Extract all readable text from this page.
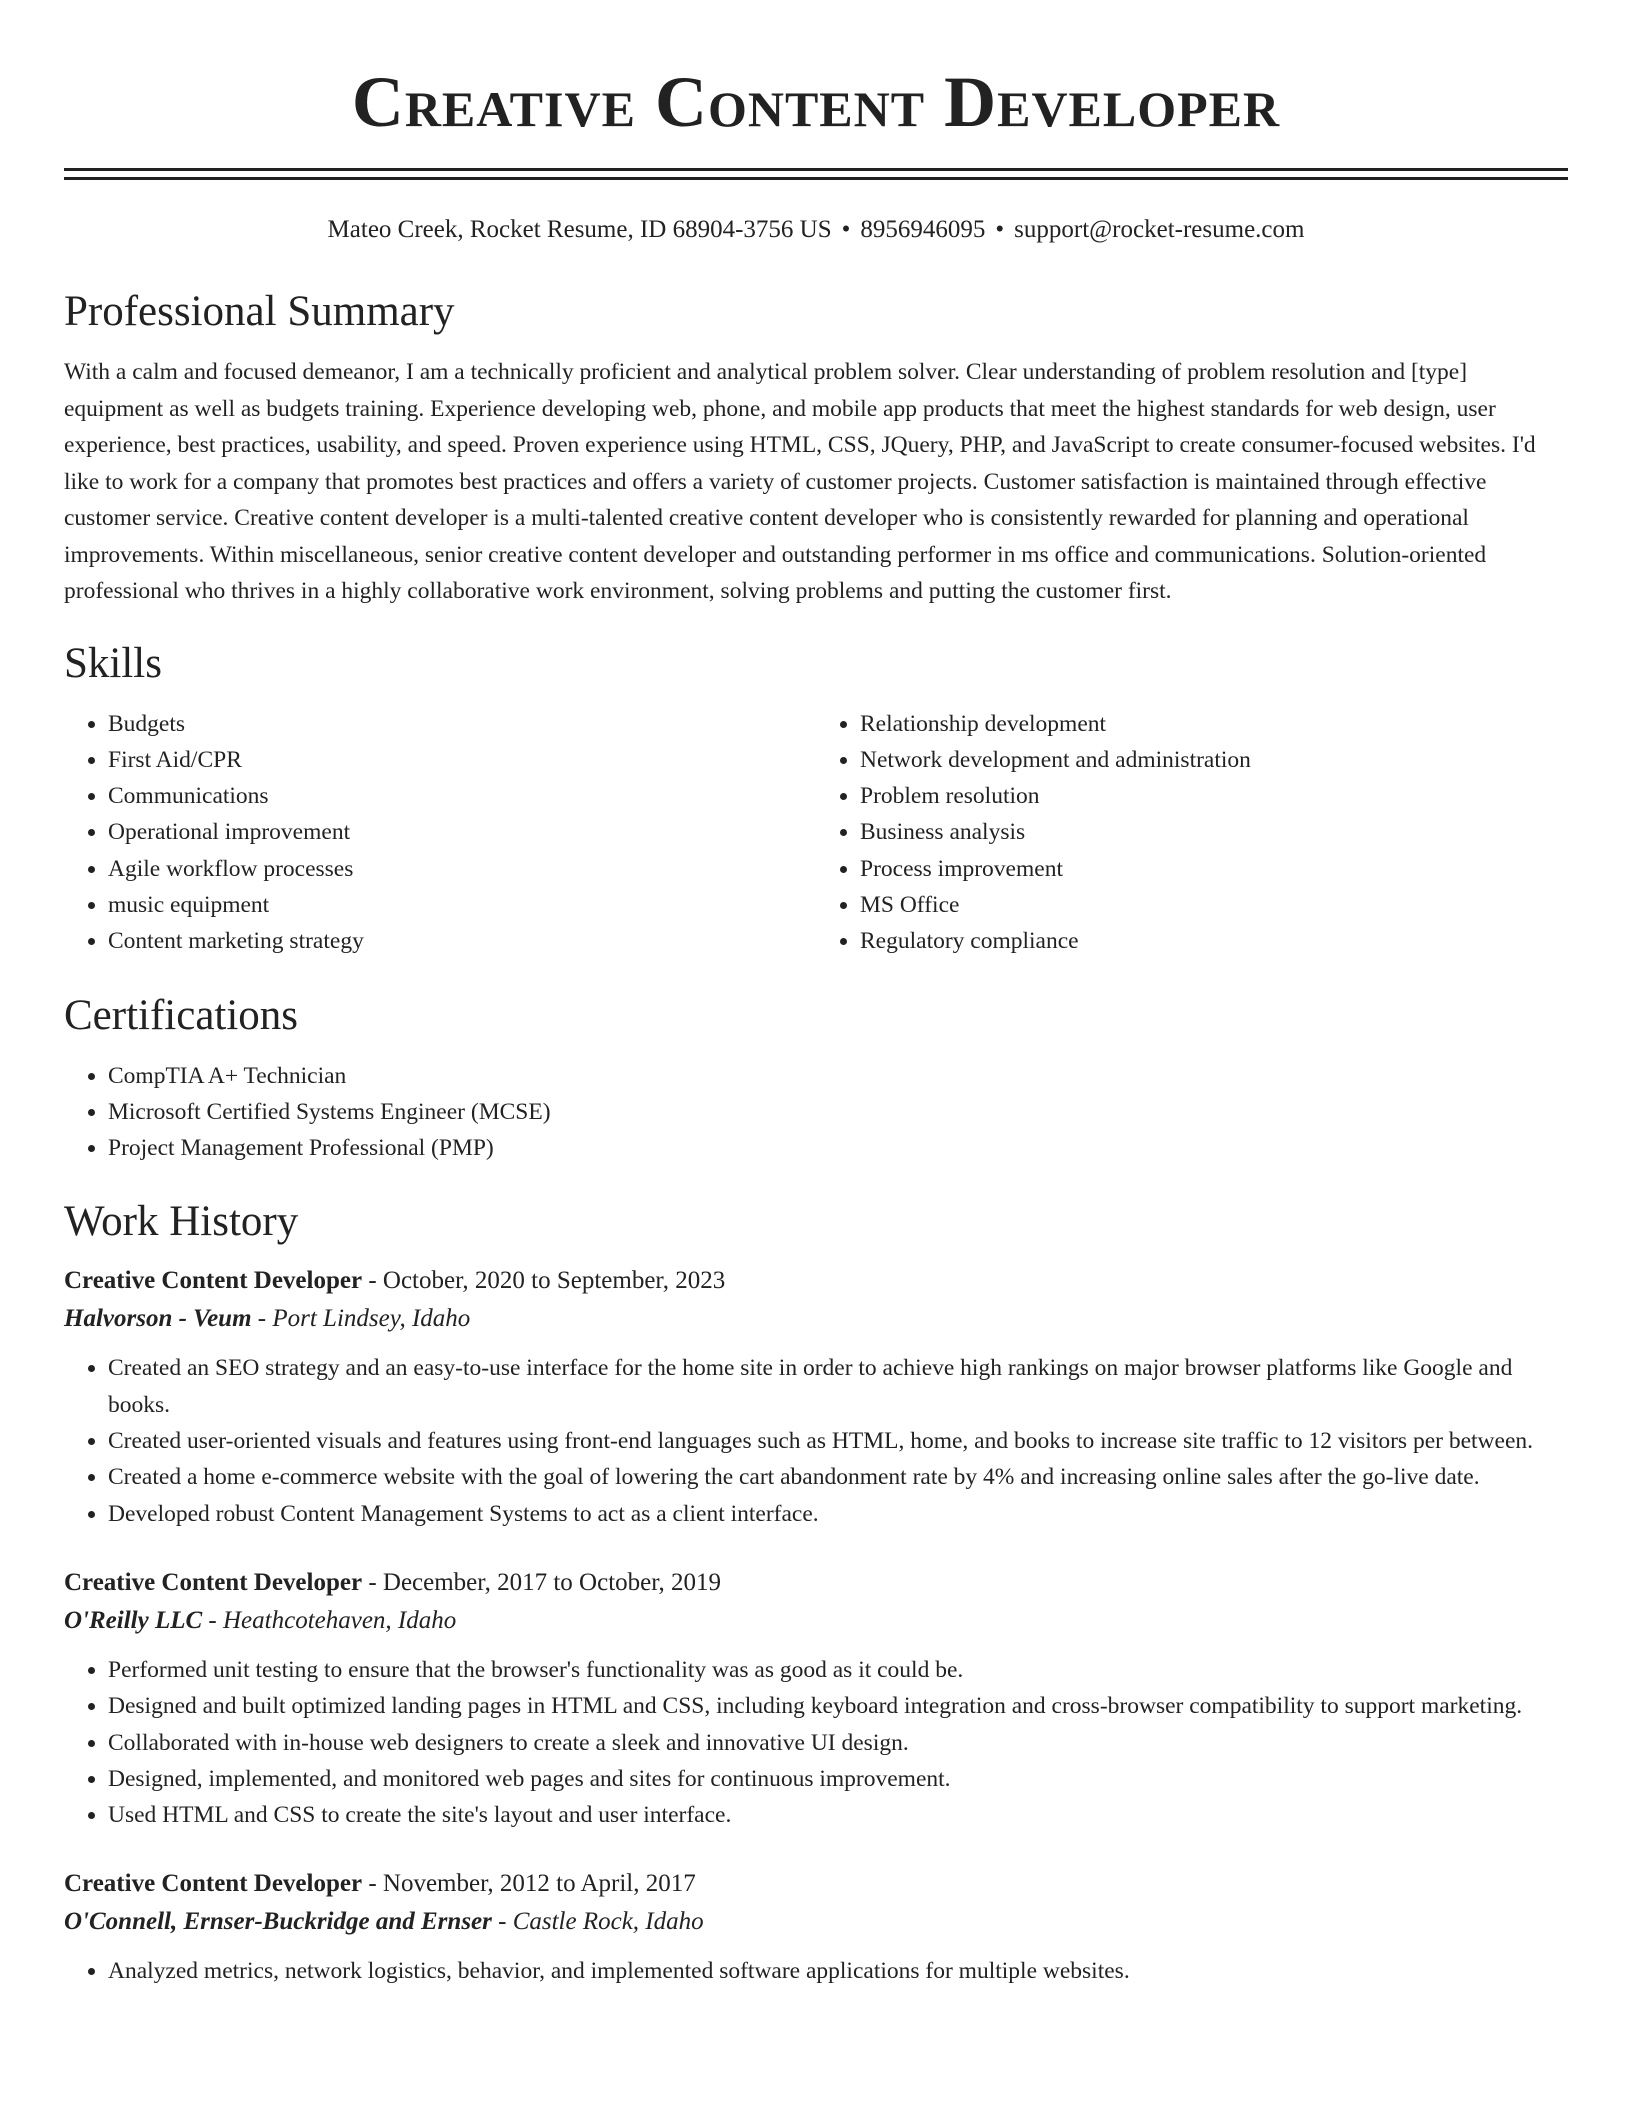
Creative Content Developer
Mateo Creek, Rocket Resume, ID 68904-3756 US • 8956946095 • support@rocket-resume.com
Professional Summary
With a calm and focused demeanor, I am a technically proficient and analytical problem solver. Clear understanding of problem resolution and [type] equipment as well as budgets training. Experience developing web, phone, and mobile app products that meet the highest standards for web design, user experience, best practices, usability, and speed. Proven experience using HTML, CSS, JQuery, PHP, and JavaScript to create consumer-focused websites. I'd like to work for a company that promotes best practices and offers a variety of customer projects. Customer satisfaction is maintained through effective customer service. Creative content developer is a multi-talented creative content developer who is consistently rewarded for planning and operational improvements. Within miscellaneous, senior creative content developer and outstanding performer in ms office and communications. Solution-oriented professional who thrives in a highly collaborative work environment, solving problems and putting the customer first.
Skills
• Budgets
• First Aid/CPR
• Communications
• Operational improvement
• Agile workflow processes
• music equipment
• Content marketing strategy
• Relationship development
• Network development and administration
• Problem resolution
• Business analysis
• Process improvement
• MS Office
• Regulatory compliance
Certifications
• CompTIA A+ Technician
• Microsoft Certified Systems Engineer (MCSE)
• Project Management Professional (PMP)
Work History
Creative Content Developer - October, 2020 to September, 2023
Halvorson - Veum - Port Lindsey, Idaho
• Created an SEO strategy and an easy-to-use interface for the home site in order to achieve high rankings on major browser platforms like Google and books.
• Created user-oriented visuals and features using front-end languages such as HTML, home, and books to increase site traffic to 12 visitors per between.
• Created a home e-commerce website with the goal of lowering the cart abandonment rate by 4% and increasing online sales after the go-live date.
• Developed robust Content Management Systems to act as a client interface.
Creative Content Developer - December, 2017 to October, 2019
O'Reilly LLC - Heathcotehaven, Idaho
• Performed unit testing to ensure that the browser's functionality was as good as it could be.
• Designed and built optimized landing pages in HTML and CSS, including keyboard integration and cross-browser compatibility to support marketing.
• Collaborated with in-house web designers to create a sleek and innovative UI design.
• Designed, implemented, and monitored web pages and sites for continuous improvement.
• Used HTML and CSS to create the site's layout and user interface.
Creative Content Developer - November, 2012 to April, 2017
O'Connell, Ernser-Buckridge and Ernser - Castle Rock, Idaho
• Analyzed metrics, network logistics, behavior, and implemented software applications for multiple websites.
